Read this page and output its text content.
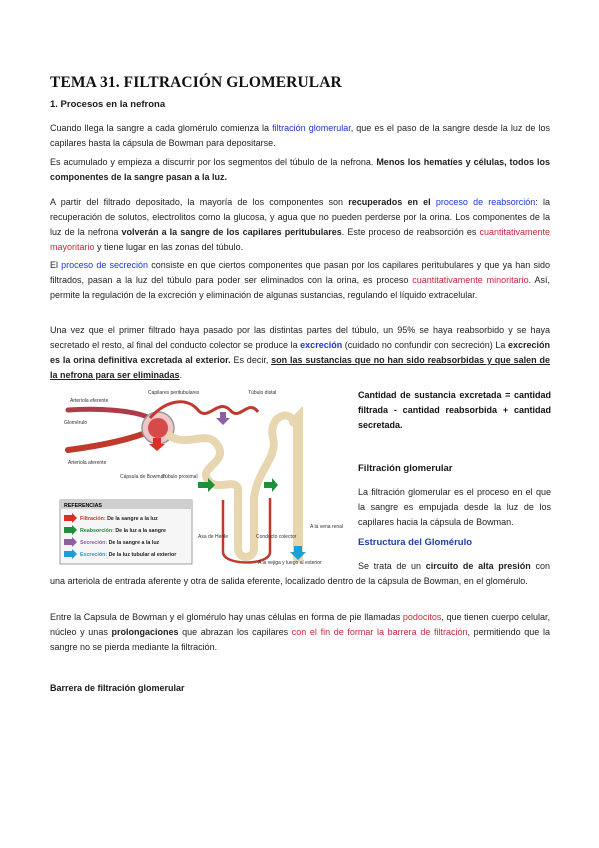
TEMA 31. FILTRACIÓN GLOMERULAR
1. Procesos en la nefrona
Cuando llega la sangre a cada glomérulo comienza la filtración glomerular, que es el paso de la sangre desde la luz de los capilares hasta la cápsula de Bowman para depositarse.
Es acumulado y empieza a discurrir por los segmentos del túbulo de la nefrona. Menos los hematíes y células, todos los componentes de la sangre pasan a la luz.
A partir del filtrado depositado, la mayoría de los componentes son recuperados en el proceso de reabsorción: la recuperación de solutos, electrolitos como la glucosa, y agua que no pueden perderse por la orina. Los componentes de la luz de la nefrona volverán a la sangre de los capilares peritubulares. Este proceso de reabsorción es cuantitativamente mayoritario y tiene lugar en las zonas del túbulo.
El proceso de secreción consiste en que ciertos componentes que pasan por los capilares peritubulares y que ya han sido filtrados, pasan a la luz del túbulo para poder ser eliminados con la orina, es proceso cuantitativamente minoritario. Así, permite la regulación de la excreción y eliminación de algunas sustancias, regulando el líquido extracelular.
Una vez que el primer filtrado haya pasado por las distintas partes del túbulo, un 95% se haya reabsorbido y se haya secretado el resto, al final del conducto colector se produce la excreción (cuidado no confundir con secreción) La excreción es la orina definitiva excretada al exterior. Es decir, son las sustancias que no han sido reabsorbidas y que salen de la nefrona para ser eliminadas.
Arteriola eferente
Glomérulo
Arteriola aferente
Capilares peritubulares	Túbulo distal
Cápsula de Bowman
Túbulo proximal
Asa de Henle	Conducto colector
A la vena renal
A la vejiga y luego al exterior
REFERENCIAS
Filtración: De la sangre a la luz
Reabsorción: De la luz a la sangre
Secreción: De la sangre a la luz
Excreción: De la luz tubular al exterior
Cantidad de sustancia excretada = cantidad filtrada - cantidad reabsorbida + cantidad secretada.
Filtración glomerular
La filtración glomerular es el proceso en el que la sangre es empujada desde la luz de los capilares hacia la cápsula de Bowman.
Estructura del Glomérulo
Se trata de un circuito de alta presión con una arteriola de entrada aferente y otra de salida eferente, localizado dentro de la cápsula de Bowman, en el glomérulo.
Entre la Capsula de Bowman y el glomérulo hay unas células en forma de pie llamadas podocitos, que tienen cuerpo celular, núcleo y unas prolongaciones que abrazan los capilares con el fin de formar la barrera de filtración, permitiendo que la sangre no se pierda mediante la filtración.
Barrera de filtración glomerular
